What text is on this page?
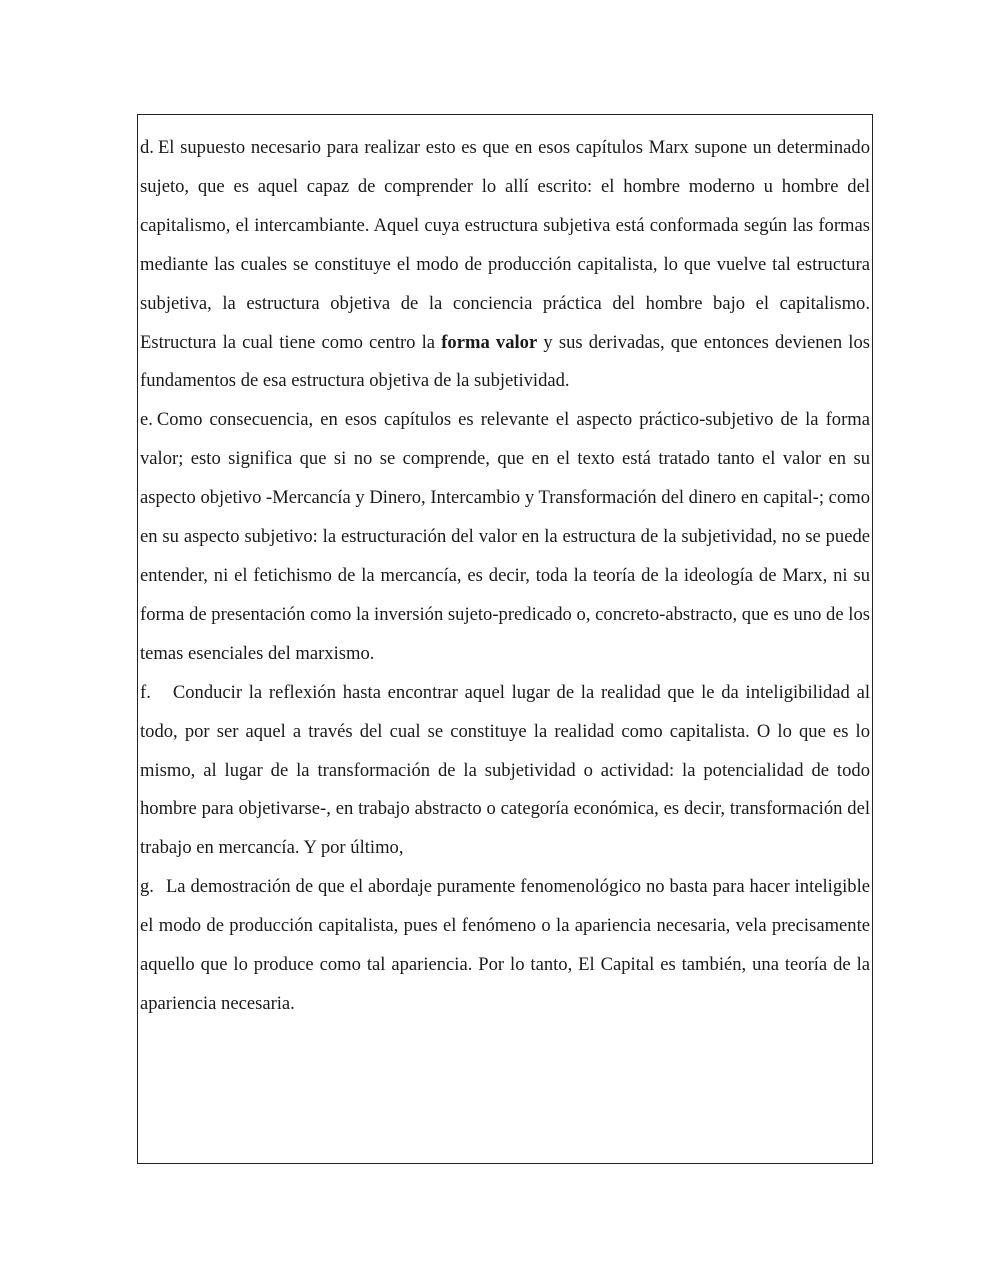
d. El supuesto necesario para realizar esto es que en esos capítulos Marx supone un determinado sujeto, que es aquel capaz de comprender lo allí escrito: el hombre moderno u hombre del capitalismo, el intercambiante. Aquel cuya estructura subjetiva está conformada según las formas mediante las cuales se constituye el modo de producción capitalista, lo que vuelve tal estructura subjetiva, la estructura objetiva de la conciencia práctica del hombre bajo el capitalismo. Estructura la cual tiene como centro la forma valor y sus derivadas, que entonces devienen los fundamentos de esa estructura objetiva de la subjetividad.

e. Como consecuencia, en esos capítulos es relevante el aspecto práctico-subjetivo de la forma valor; esto significa que si no se comprende, que en el texto está tratado tanto el valor en su aspecto objetivo -Mercancía y Dinero, Intercambio y Transformación del dinero en capital-; como en su aspecto subjetivo: la estructuración del valor en la estructura de la subjetividad, no se puede entender, ni el fetichismo de la mercancía, es decir, toda la teoría de la ideología de Marx, ni su forma de presentación como la inversión sujeto-predicado o, concreto-abstracto, que es uno de los temas esenciales del marxismo.

f. Conducir la reflexión hasta encontrar aquel lugar de la realidad que le da inteligibilidad al todo, por ser aquel a través del cual se constituye la realidad como capitalista. O lo que es lo mismo, al lugar de la transformación de la subjetividad o actividad: la potencialidad de todo hombre para objetivarse-, en trabajo abstracto o categoría económica, es decir, transformación del trabajo en mercancía. Y por último,

g. La demostración de que el abordaje puramente fenomenológico no basta para hacer inteligible el modo de producción capitalista, pues el fenómeno o la apariencia necesaria, vela precisamente aquello que lo produce como tal apariencia. Por lo tanto, El Capital es también, una teoría de la apariencia necesaria.
